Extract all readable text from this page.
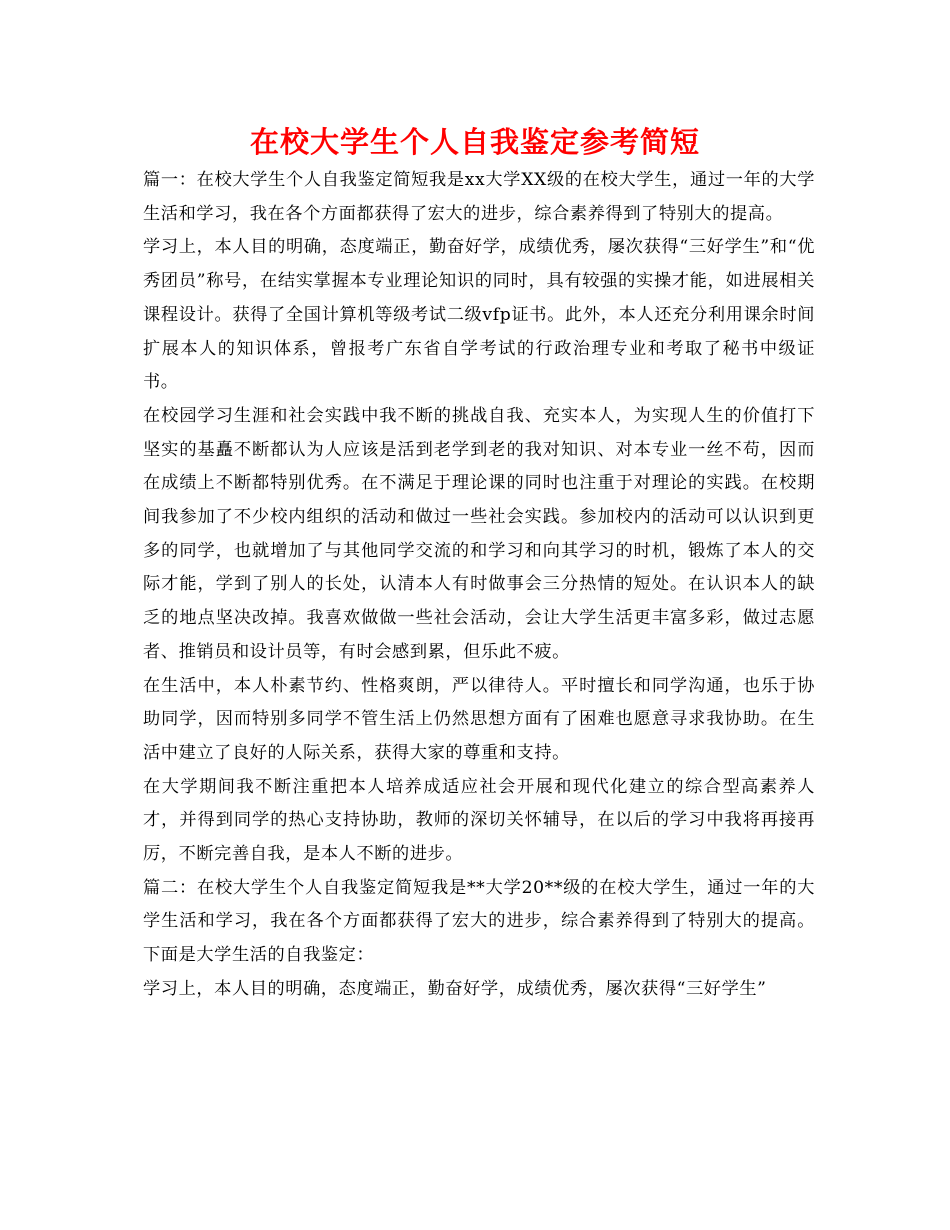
在校大学生个人自我鉴定参考简短

篇一：在校大学生个人自我鉴定简短我是xx大学XX级的在校大学生，通过一年的大学生活和学习，我在各个方面都获得了宏大的进步，综合素养得到了特别大的提高。

学习上，本人目的明确，态度端正，勤奋好学，成绩优秀，屡次获得“三好学生”和“优秀团员”称号，在结实掌握本专业理论知识的同时，具有较强的实操才能，如进展相关课程设计。获得了全国计算机等级考试二级vfp证书。此外，本人还充分利用课余时间扩展本人的知识体系，曾报考广东省自学考试的行政治理专业和考取了秘书中级证书。

在校园学习生涯和社会实践中我不断的挑战自我、充实本人，为实现人生的价值打下坚实的基矗不断都认为人应该是活到老学到老的我对知识、对本专业一丝不苟，因而在成绩上不断都特别优秀。在不满足于理论课的同时也注重于对理论的实践。在校期间我参加了不少校内组织的活动和做过一些社会实践。参加校内的活动可以认识到更多的同学，也就增加了与其他同学交流的和学习和向其学习的时机，锻炼了本人的交际才能，学到了别人的长处，认清本人有时做事会三分热情的短处。在认识本人的缺乏的地点坚决改掉。我喜欢做做一些社会活动，会让大学生活更丰富多彩，做过志愿者、推销员和设计员等，有时会感到累，但乐此不疲。

在生活中，本人朴素节约、性格爽朗，严以律待人。平时擅长和同学沟通，也乐于协助同学，因而特别多同学不管生活上仍然思想方面有了困难也愿意寻求我协助。在生活中建立了良好的人际关系，获得大家的尊重和支持。

在大学期间我不断注重把本人培养成适应社会开展和现代化建立的综合型高素养人才，并得到同学的热心支持协助，教师的深切关怀辅导，在以后的学习中我将再接再厉，不断完善自我，是本人不断的进步。

篇二：在校大学生个人自我鉴定简短我是**大学20**级的在校大学生，通过一年的大学生活和学习，我在各个方面都获得了宏大的进步，综合素养得到了特别大的提高。下面是大学生活的自我鉴定：

学习上，本人目的明确，态度端正，勤奋好学，成绩优秀，屡次获得“三好学生”
